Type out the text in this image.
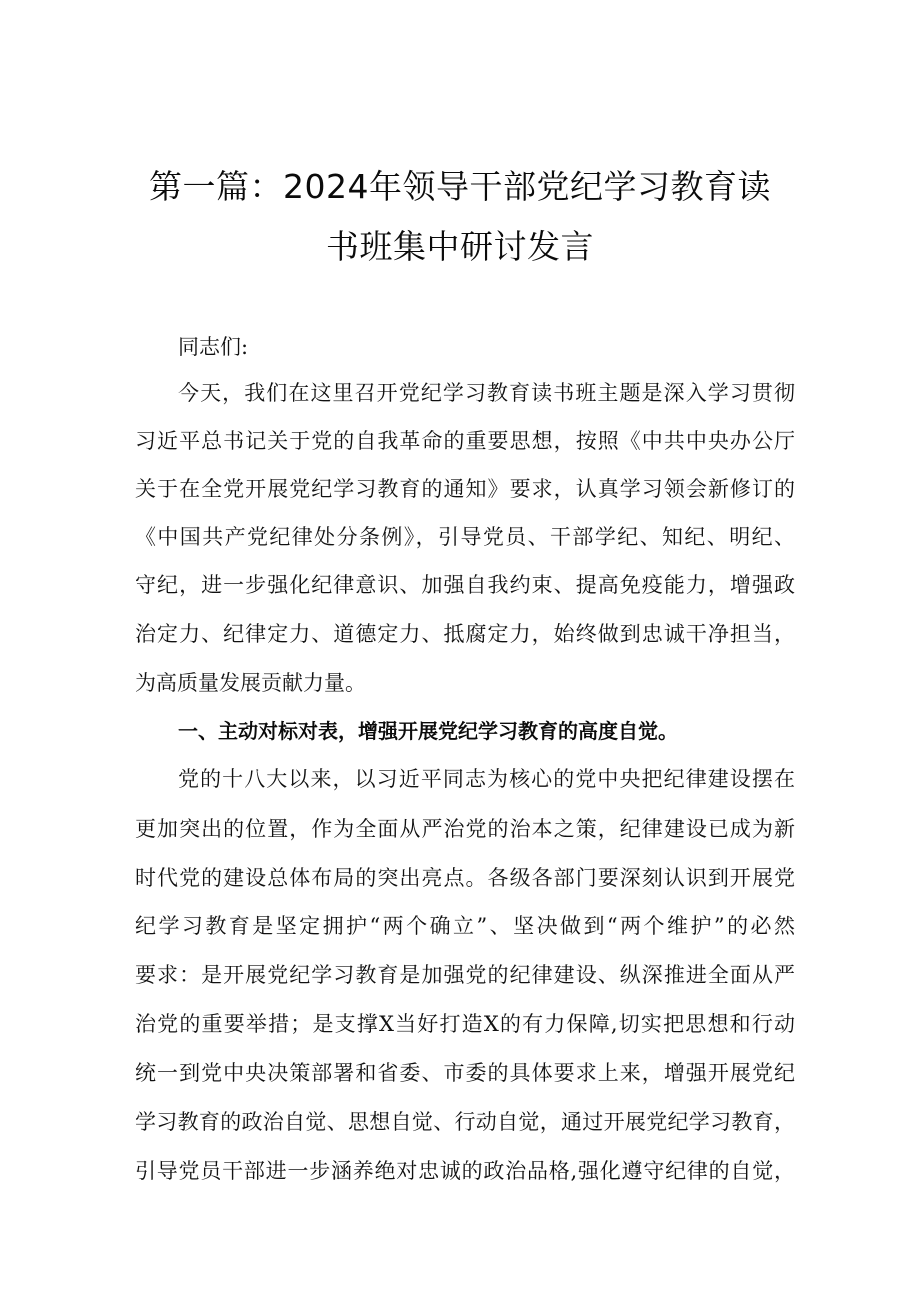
第一篇：2024年领导干部党纪学习教育读
书班集中研讨发言
同志们:
今天，我们在这里召开党纪学习教育读书班主题是深入学习贯彻
习近平总书记关于党的自我革命的重要思想，按照《中共中央办公厅
关于在全党开展党纪学习教育的通知》要求，认真学习领会新修订的
《中国共产党纪律处分条例》，引导党员、干部学纪、知纪、明纪、
守纪，进一步强化纪律意识、加强自我约束、提高免疫能力，增强政
治定力、纪律定力、道德定力、抵腐定力，始终做到忠诚干净担当，
为高质量发展贡献力量。
一、主动对标对表，增强开展党纪学习教育的高度自觉。
党的十八大以来，以习近平同志为核心的党中央把纪律建设摆在
更加突出的位置，作为全面从严治党的治本之策，纪律建设已成为新
时代党的建设总体布局的突出亮点。各级各部门要深刻认识到开展党
纪学习教育是坚定拥护“两个确立”、坚决做到“两个维护”的必然
要求：是开展党纪学习教育是加强党的纪律建设、纵深推进全面从严
治党的重要举措；是支撑X当好打造X的有力保障,切实把思想和行动
统一到党中央决策部署和省委、市委的具体要求上来，增强开展党纪
学习教育的政治自觉、思想自觉、行动自觉，通过开展党纪学习教育，
引导党员干部进一步涵养绝对忠诚的政治品格,强化遵守纪律的自觉，
